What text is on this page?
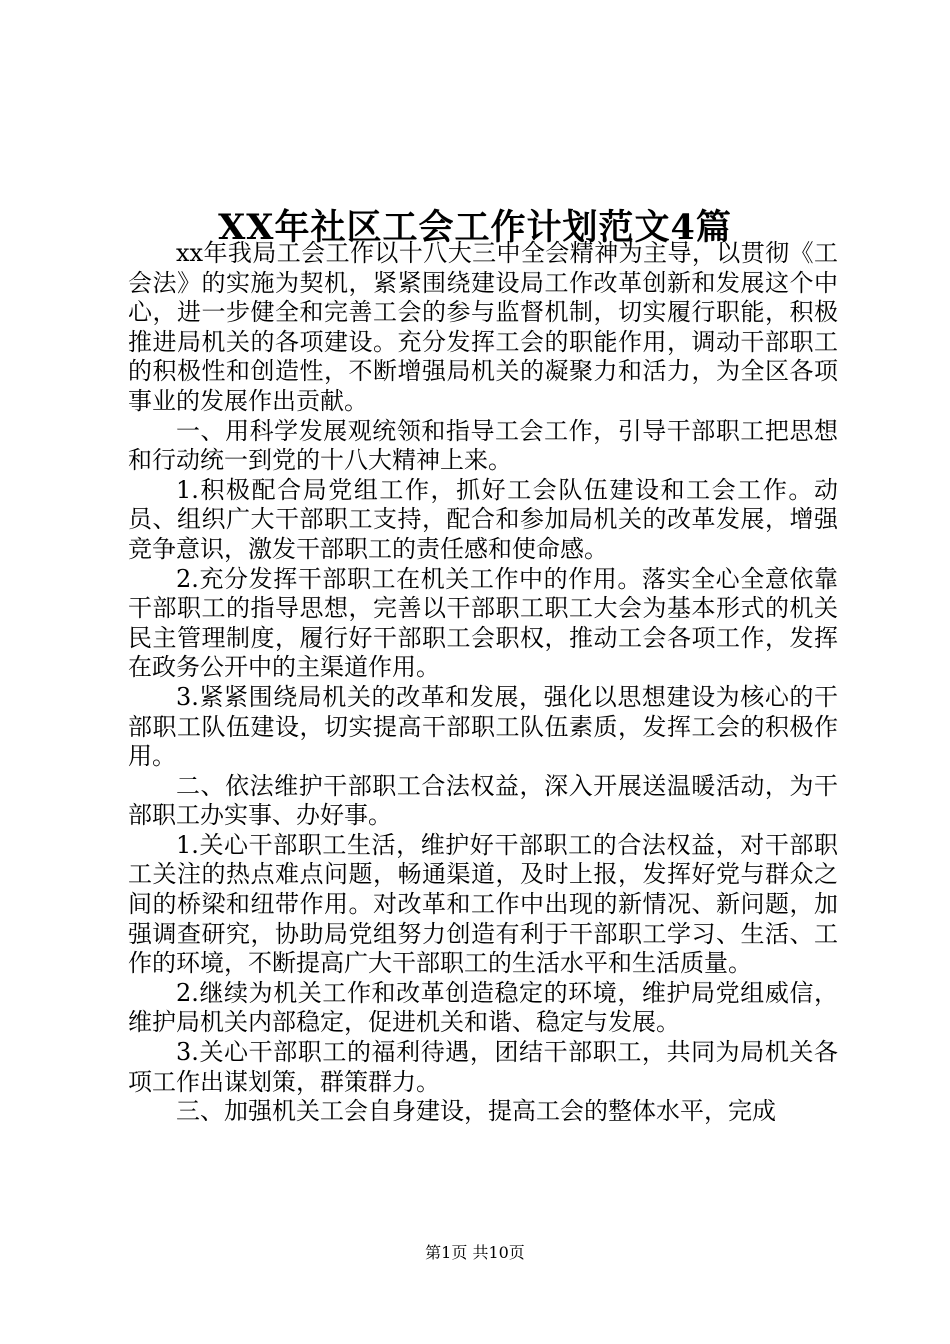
XX年社区工会工作计划范文4篇

xx年我局工会工作以十八大三中全会精神为主导，以贯彻《工会法》的实施为契机，紧紧围绕建设局工作改革创新和发展这个中心，进一步健全和完善工会的参与监督机制，切实履行职能，积极推进局机关的各项建设。充分发挥工会的职能作用，调动干部职工的积极性和创造性，不断增强局机关的凝聚力和活力，为全区各项事业的发展作出贡献。

一、用科学发展观统领和指导工会工作，引导干部职工把思想和行动统一到党的十八大精神上来。

1.积极配合局党组工作，抓好工会队伍建设和工会工作。动员、组织广大干部职工支持，配合和参加局机关的改革发展，增强竞争意识，激发干部职工的责任感和使命感。

2.充分发挥干部职工在机关工作中的作用。落实全心全意依靠干部职工的指导思想，完善以干部职工职工大会为基本形式的机关民主管理制度，履行好干部职工会职权，推动工会各项工作，发挥在政务公开中的主渠道作用。

3.紧紧围绕局机关的改革和发展，强化以思想建设为核心的干部职工队伍建设，切实提高干部职工队伍素质，发挥工会的积极作用。

二、依法维护干部职工合法权益，深入开展送温暖活动，为干部职工办实事、办好事。

1.关心干部职工生活，维护好干部职工的合法权益，对干部职工关注的热点难点问题，畅通渠道，及时上报，发挥好党与群众之间的桥梁和纽带作用。对改革和工作中出现的新情况、新问题，加强调查研究，协助局党组努力创造有利于干部职工学习、生活、工作的环境，不断提高广大干部职工的生活水平和生活质量。

2.继续为机关工作和改革创造稳定的环境，维护局党组威信，维护局机关内部稳定，促进机关和谐、稳定与发展。

3.关心干部职工的福利待遇，团结干部职工，共同为局机关各项工作出谋划策，群策群力。

三、加强机关工会自身建设，提高工会的整体水平，完成

第1页 共10页
